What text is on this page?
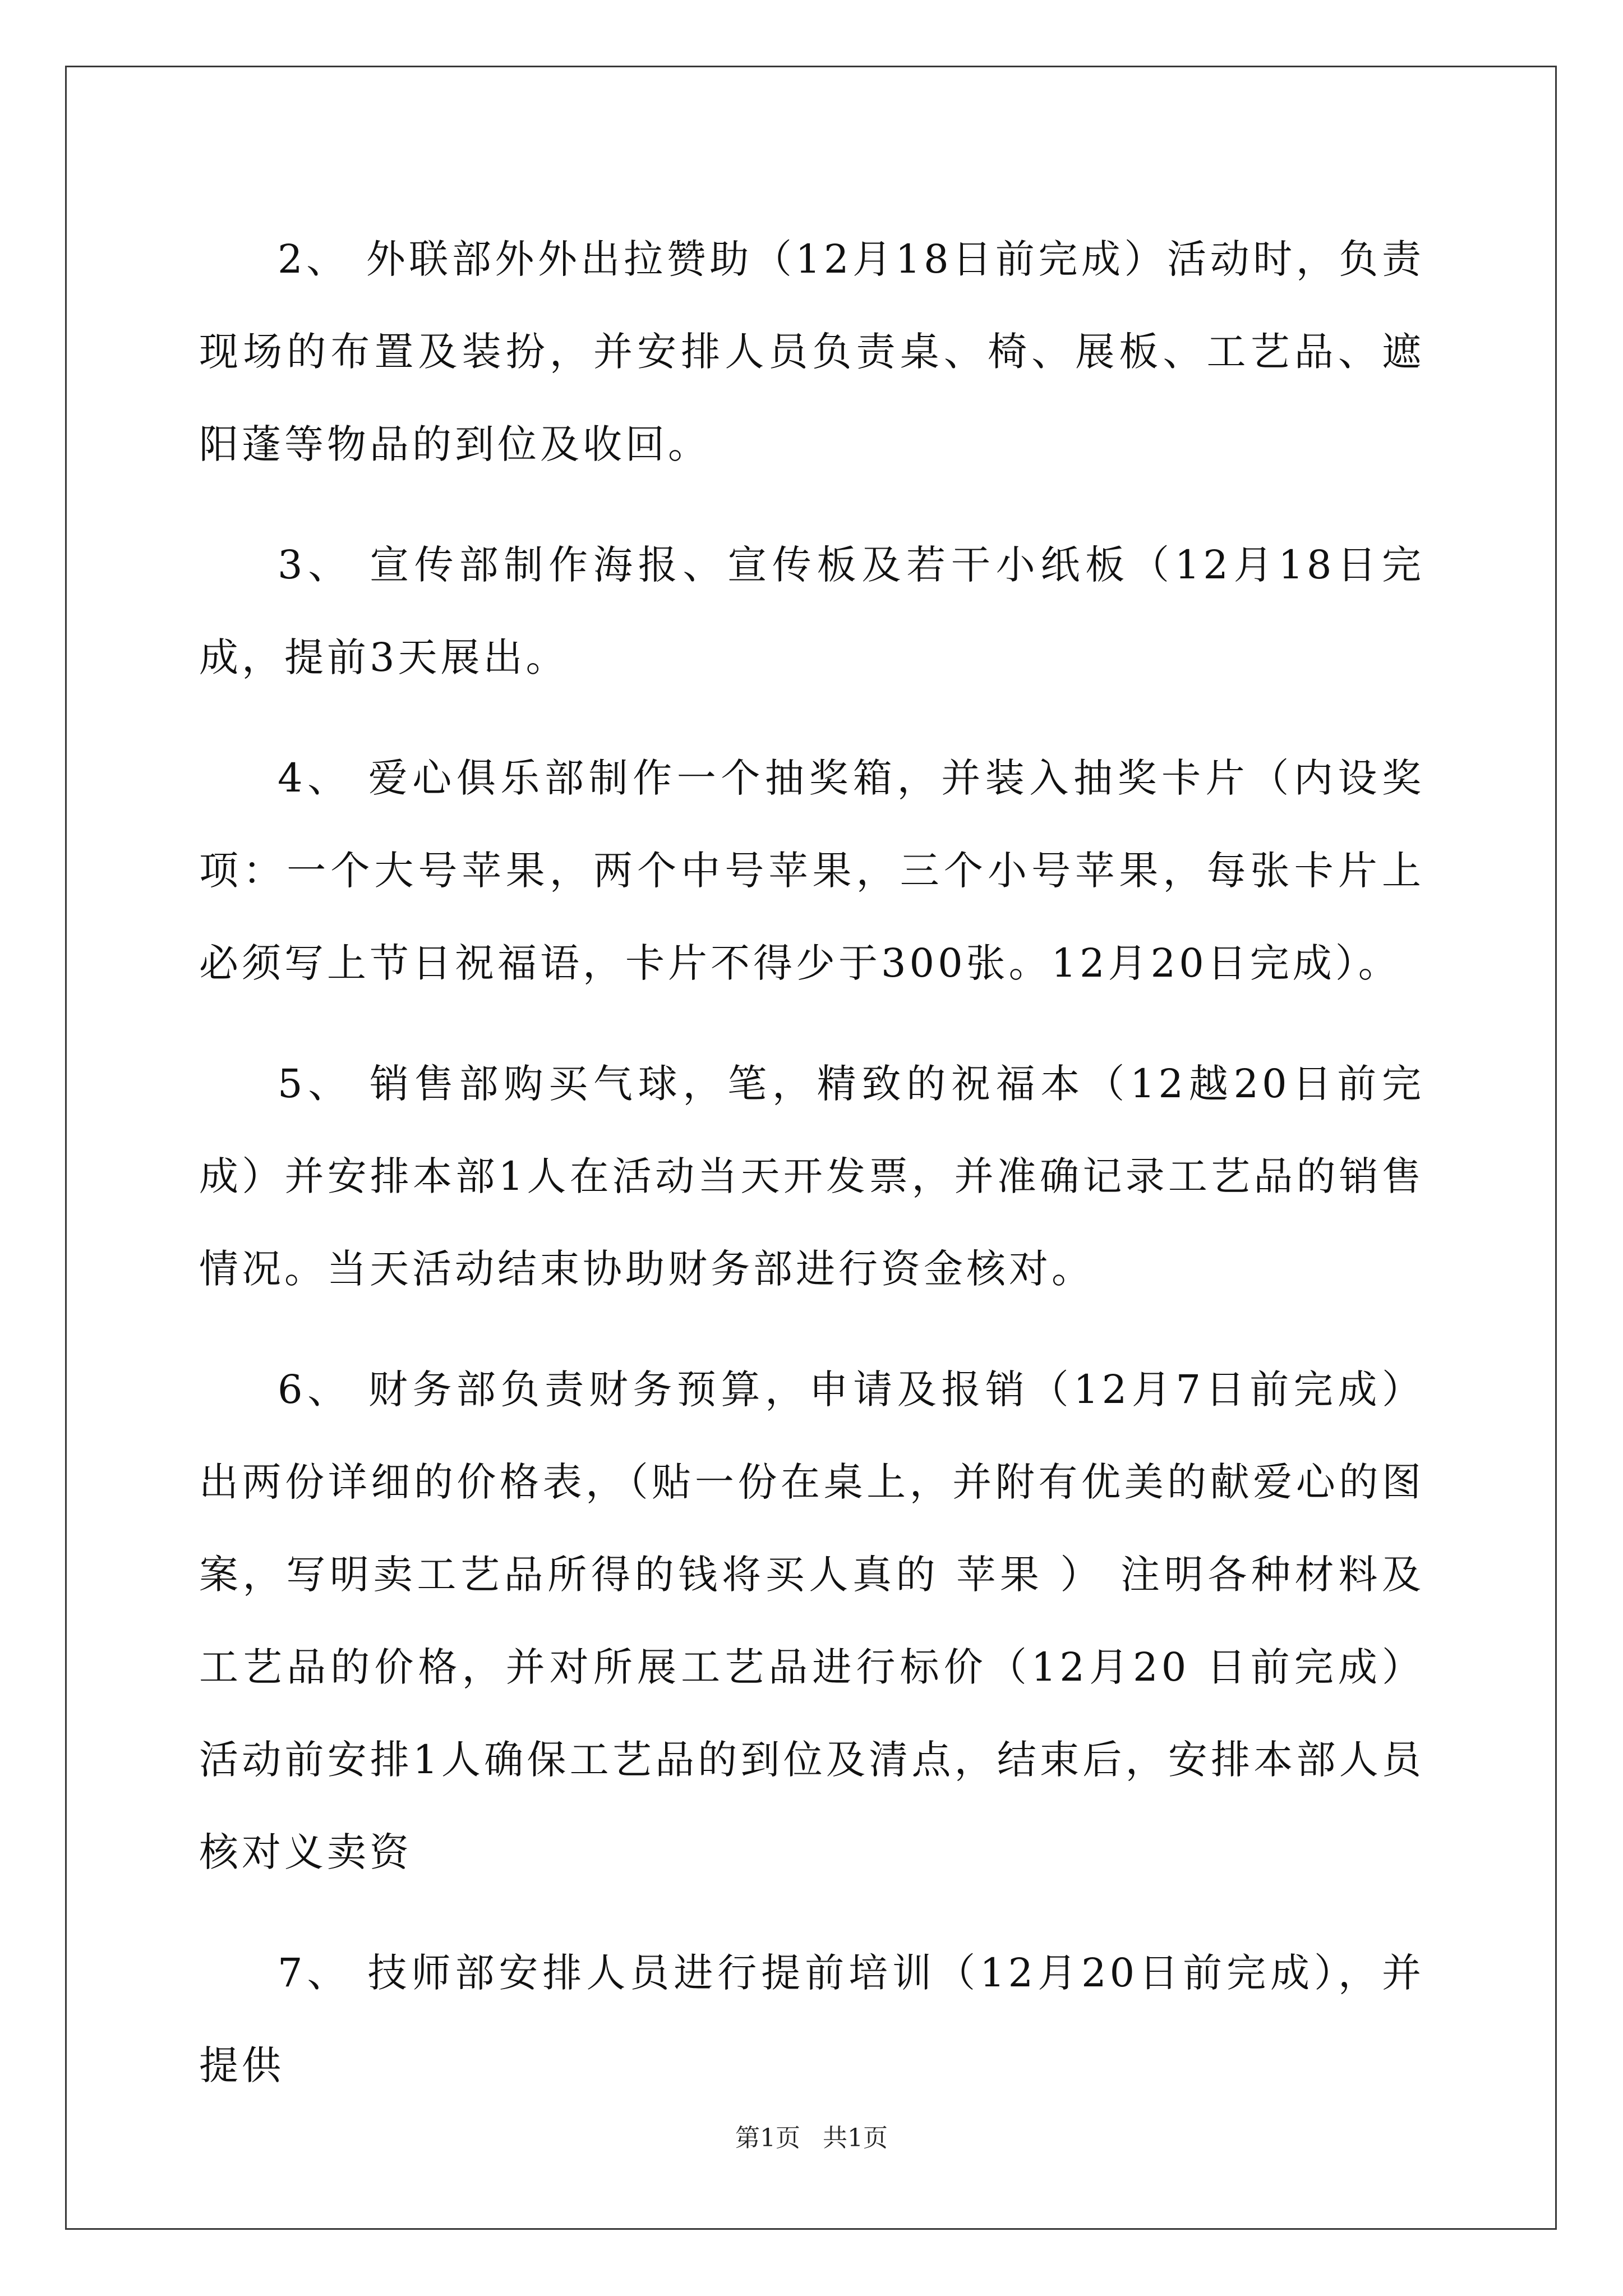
2、 外联部外外出拉赞助（12月18日前完成）活动时，负责现场的布置及装扮，并安排人员负责桌、椅、展板、工艺品、遮阳蓬等物品的到位及收回。

3、 宣传部制作海报、宣传板及若干小纸板（12月18日完成，提前3天展出。

4、 爱心俱乐部制作一个抽奖箱，并装入抽奖卡片（内设奖项：一个大号苹果，两个中号苹果，三个小号苹果，每张卡片上必须写上节日祝福语，卡片不得少于300张。12月20日完成）。

5、 销售部购买气球，笔，精致的祝福本（12越20日前完成）并安排本部1人在活动当天开发票，并准确记录工艺品的销售情况。当天活动结束协助财务部进行资金核对。

6、 财务部负责财务预算，申请及报销（12月7日前完成）出两份详细的价格表，（贴一份在桌上，并附有优美的献爱心的图案，写明卖工艺品所得的钱将买人真的 苹果 ） 注明各种材料及工艺品的价格，并对所展工艺品进行标价（12月20 日前完成） 活动前安排1人确保工艺品的到位及清点，结束后，安排本部人员核对义卖资

7、 技师部安排人员进行提前培训（12月20日前完成），并提供

第1页 共1页
